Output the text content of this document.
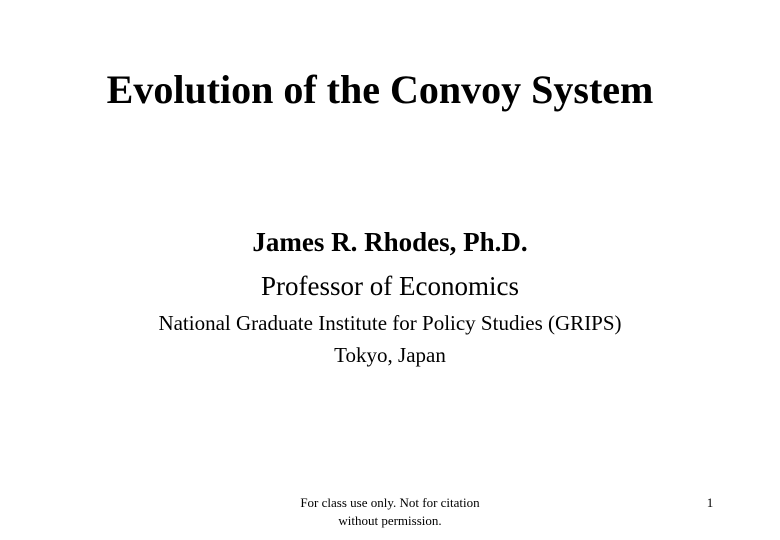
Evolution of the Convoy System
James R. Rhodes, Ph.D.
Professor of Economics
National Graduate Institute for Policy Studies (GRIPS)
Tokyo, Japan
For class use only. Not for citation
without permission.
1
